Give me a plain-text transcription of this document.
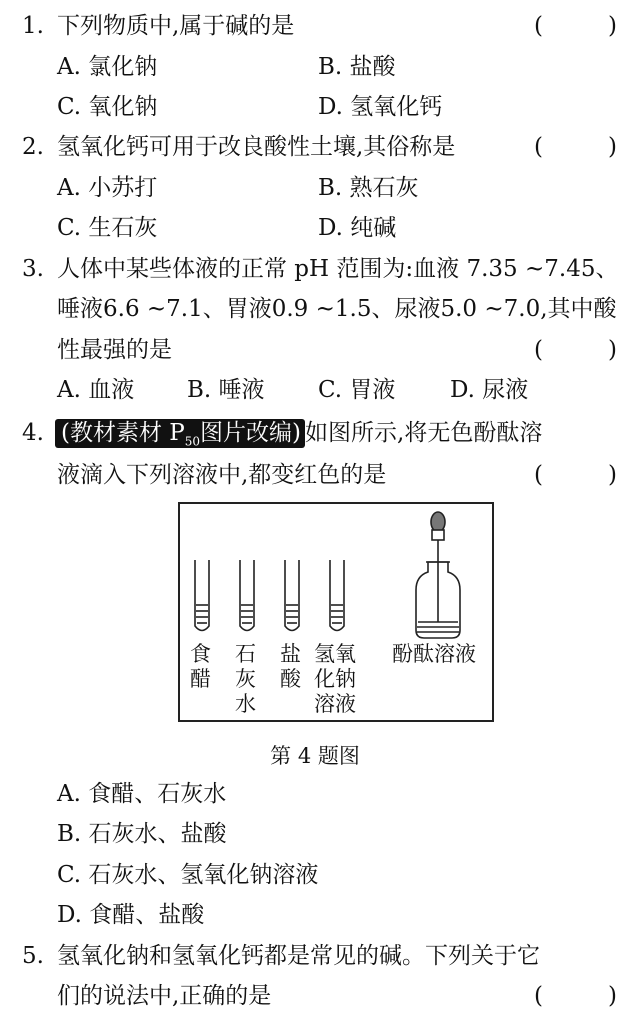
1. 下列物质中,属于碱的是	(	)
A. 氯化钠	B. 盐酸
C. 氧化钠	D. 氢氧化钙
2. 氢氧化钙可用于改良酸性土壤,其俗称是	(	)
A. 小苏打	B. 熟石灰
C. 生石灰	D. 纯碱
3. 人体中某些体液的正常 pH 范围为:血液 7.35 ~7.45、
唾液6.6 ~7.1、胃液0.9 ~1.5、尿液5.0 ~7.0,其中酸
性最强的是	(	)
A. 血液 B. 唾液 C. 胃液 D. 尿液
4. (教材素材 $P_{50}$图片改编) 如图所示,将无色酚酞溶
液滴入下列溶液中,都变红色的是	(	)
食
醋
石
灰
水
盐
酸
氢氧
化钠
溶液
酚酞溶液
第 4 题图
A. 食醋、石灰水
B. 石灰水、盐酸
C. 石灰水、氢氧化钠溶液
D. 食醋、盐酸
5. 氢氧化钠和氢氧化钙都是常见的碱。下列关于它
们的说法中,正确的是	(	)
